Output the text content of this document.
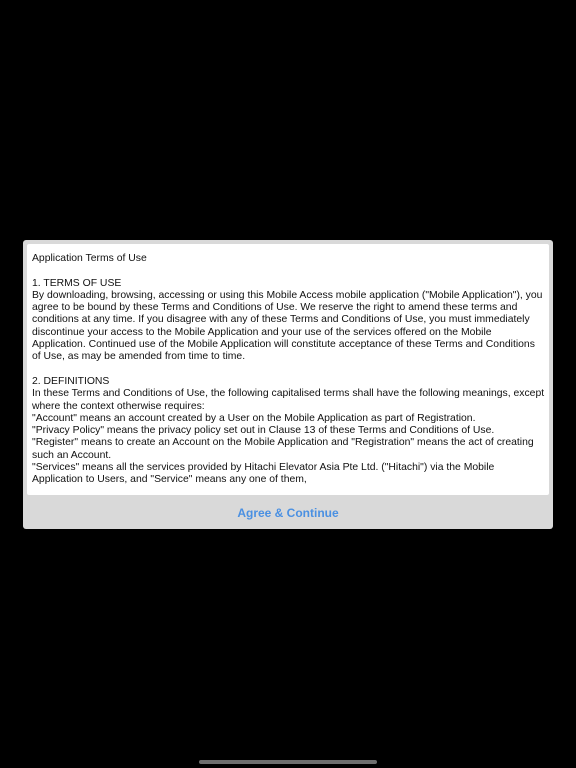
Application Terms of Use

1. TERMS OF USE

By downloading, browsing, accessing or using this Mobile Access mobile application ("Mobile Application"), you agree to be bound by these Terms and Conditions of Use. We reserve the right to amend these terms and conditions at any time. If you disagree with any of these Terms and Conditions of Use, you must immediately discontinue your access to the Mobile Application and your use of the services offered on the Mobile Application. Continued use of the Mobile Application will constitute acceptance of these Terms and Conditions of Use, as may be amended from time to time.

2. DEFINITIONS

In these Terms and Conditions of Use, the following capitalised terms shall have the following meanings, except where the context otherwise requires:

"Account" means an account created by a User on the Mobile Application as part of Registration.

"Privacy Policy" means the privacy policy set out in Clause 13 of these Terms and Conditions of Use.

"Register" means to create an Account on the Mobile Application and "Registration" means the act of creating such an Account.

"Services" means all the services provided by Hitachi Elevator Asia Pte Ltd. ("Hitachi") via the Mobile Application to Users, and "Service" means any one of them,

Agree & Continue
